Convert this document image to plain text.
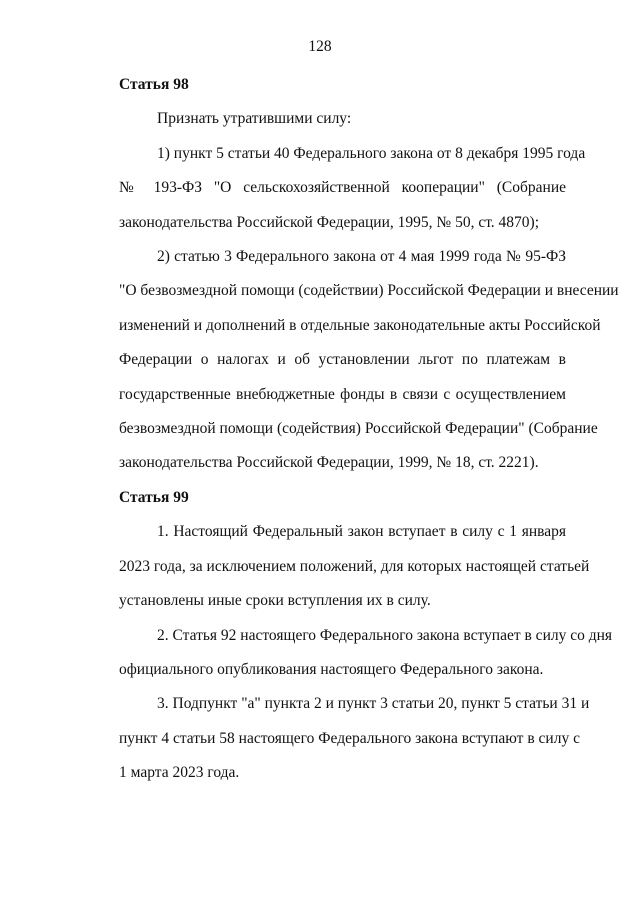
128
Статья 98
Признать утратившими силу:
1) пункт 5 статьи 40 Федерального закона от 8 декабря 1995 года
№ 193-ФЗ "О сельскохозяйственной кооперации" (Собрание
законодательства Российской Федерации, 1995, № 50, ст. 4870);
2) статью 3 Федерального закона от 4 мая 1999 года № 95-ФЗ
"О безвозмездной помощи (содействии) Российской Федерации и внесении
изменений и дополнений в отдельные законодательные акты Российской
Федерации о налогах и об установлении льгот по платежам в
государственные внебюджетные фонды в связи с осуществлением
безвозмездной помощи (содействия) Российской Федерации" (Собрание
законодательства Российской Федерации, 1999, № 18, ст. 2221).
Статья 99
1. Настоящий Федеральный закон вступает в силу с 1 января
2023 года, за исключением положений, для которых настоящей статьей
установлены иные сроки вступления их в силу.
2. Статья 92 настоящего Федерального закона вступает в силу со дня
официального опубликования настоящего Федерального закона.
3. Подпункт "а" пункта 2 и пункт 3 статьи 20, пункт 5 статьи 31 и
пункт 4 статьи 58 настоящего Федерального закона вступают в силу с
1 марта 2023 года.
